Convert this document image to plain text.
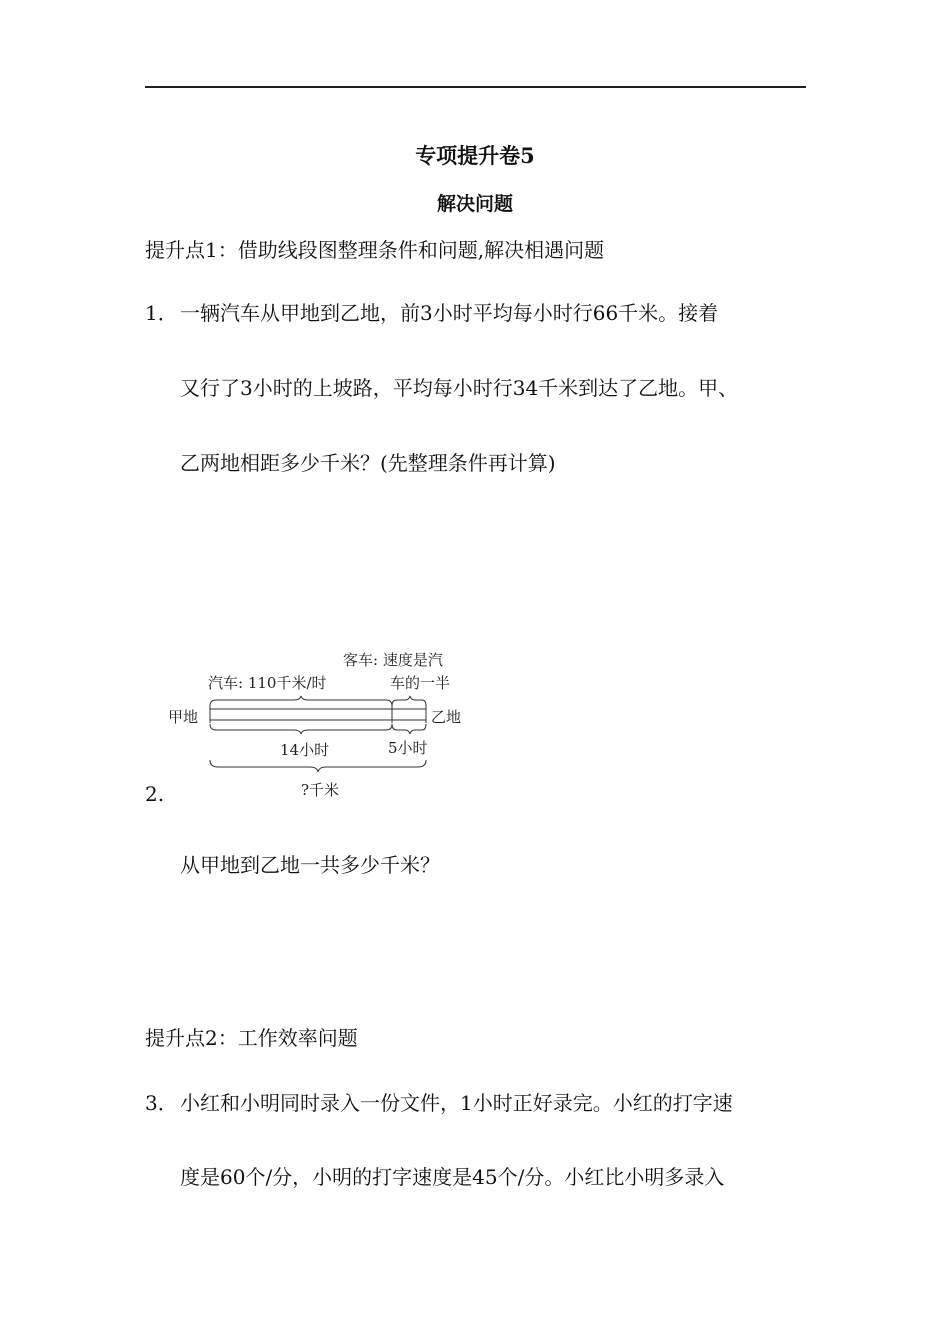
专项提升卷5
解决问题
提升点1：借助线段图整理条件和问题,解决相遇问题
1． 一辆汽车从甲地到乙地，前3小时平均每小时行66千米。接着
又行了3小时的上坡路，平均每小时行34千米到达了乙地。甲、
乙两地相距多少千米？(先整理条件再计算)
客车: 速度是汽
汽车: 110千米/时	车的一半
甲地	乙地
14小时	5小时
?千米
2.
从甲地到乙地一共多少千米？
提升点2：工作效率问题
3． 小红和小明同时录入一份文件，1小时正好录完。小红的打字速
度是60个/分，小明的打字速度是45个/分。小红比小明多录入
